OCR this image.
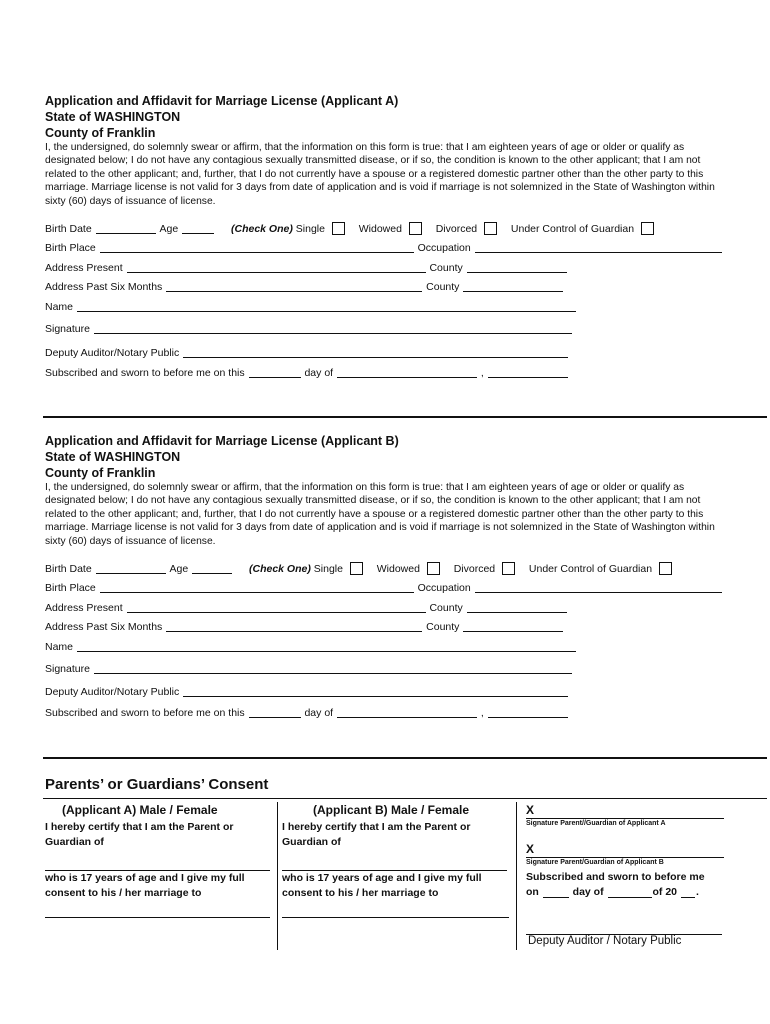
Application and Affidavit for Marriage License (Applicant A)
State of WASHINGTON
County of Franklin
I, the undersigned, do solemnly swear or affirm, that the information on this form is true: that I am eighteen years of age or older or qualify as designated below; I do not have any contagious sexually transmitted disease, or if so, the condition is known to the other applicant; that I am not related to the other applicant; and, further, that I do not currently have a spouse or a registered domestic partner other than the other party to this marriage. Marriage license is not valid for 3 days from date of application and is void if marriage is not solemnized in the State of Washington within sixty (60) days of issuance of license.
Birth Date	Age	(Check One) Single	Widowed	Divorced	Under Control of Guardian
Birth Place	Occupation
Address Present	County
Address Past Six Months	County
Name
Signature
Deputy Auditor/Notary Public
Subscribed and sworn to before me on this	day of	,
Application and Affidavit for Marriage License (Applicant B)
State of WASHINGTON
County of Franklin
I, the undersigned, do solemnly swear or affirm, that the information on this form is true: that I am eighteen years of age or older or qualify as designated below; I do not have any contagious sexually transmitted disease, or if so, the condition is known to the other applicant; that I am not related to the other applicant; and, further, that I do not currently have a spouse or a registered domestic partner other than the other party to this marriage. Marriage license is not valid for 3 days from date of application and is void if marriage is not solemnized in the State of Washington within sixty (60) days of issuance of license.
Birth Date	Age	(Check One) Single	Widowed	Divorced	Under Control of Guardian
Birth Place	Occupation
Address Present	County
Address Past Six Months	County
Name
Signature
Deputy Auditor/Notary Public
Subscribed and sworn to before me on this	day of	,
Parents’ or Guardians’ Consent
(Applicant A) Male / Female
I hereby certify that I am the Parent or
Guardian of
who is 17 years of age and I give my full
consent to his / her marriage to
(Applicant B) Male / Female
I hereby certify that I am the Parent or
Guardian of
who is 17 years of age and I give my full
consent to his / her marriage to
X
Signature Parent//Guardian of Applicant A
X
Signature Parent/Guardian of Applicant B
Subscribed and sworn to before me
on	day of	of 20 .
Deputy Auditor / Notary Public
